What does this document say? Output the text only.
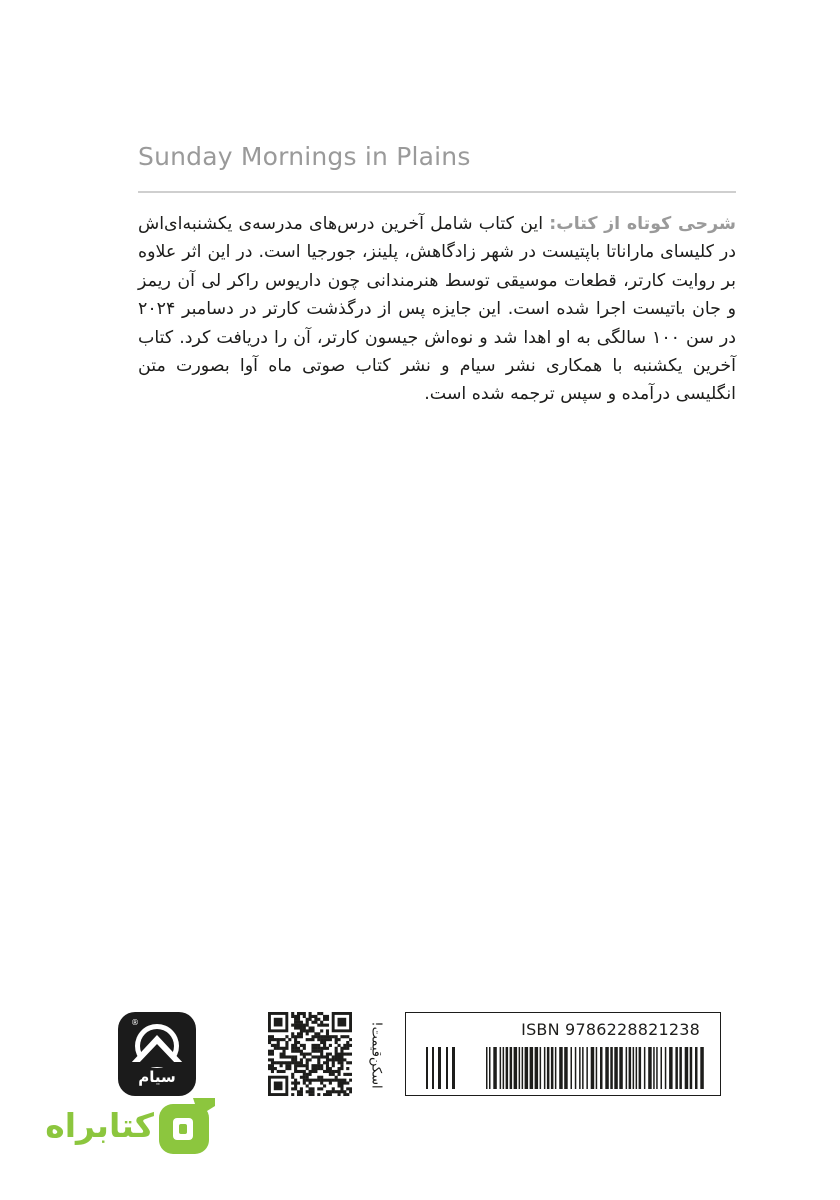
Sunday Mornings in Plains
شرحی کوتاه از کتاب: این کتاب شامل آخرین درس‌های مدرسه‌ی یکشنبه‌ای‌اش در کلیسای مارانا‌تا باپتیست در شهر زادگاهش، پلینز، جورجیا است. در این اثر علاوه بر روایت کارتر، قطعات موسیقی توسط هنرمندانی چون داریوس راکر لی آن ریمز و جان باتیست اجرا شده است. این جایزه پس از درگذشت کارتر در دسامبر ۲۰۲۴ در سن ۱۰۰ سالگی به او اهدا شد و نوه‌اش جیسون کارتر، آن را دریافت کرد. کتاب آخرین یکشنبه با همکاری نشر سیام و نشر کتاب صوتی ماه آوا بصورت متن انگلیسی درآمده و سپس ترجمه شده است.
سیام
®	اسکن‌قیمت!	ISBN 9786228821238
کتابراه
